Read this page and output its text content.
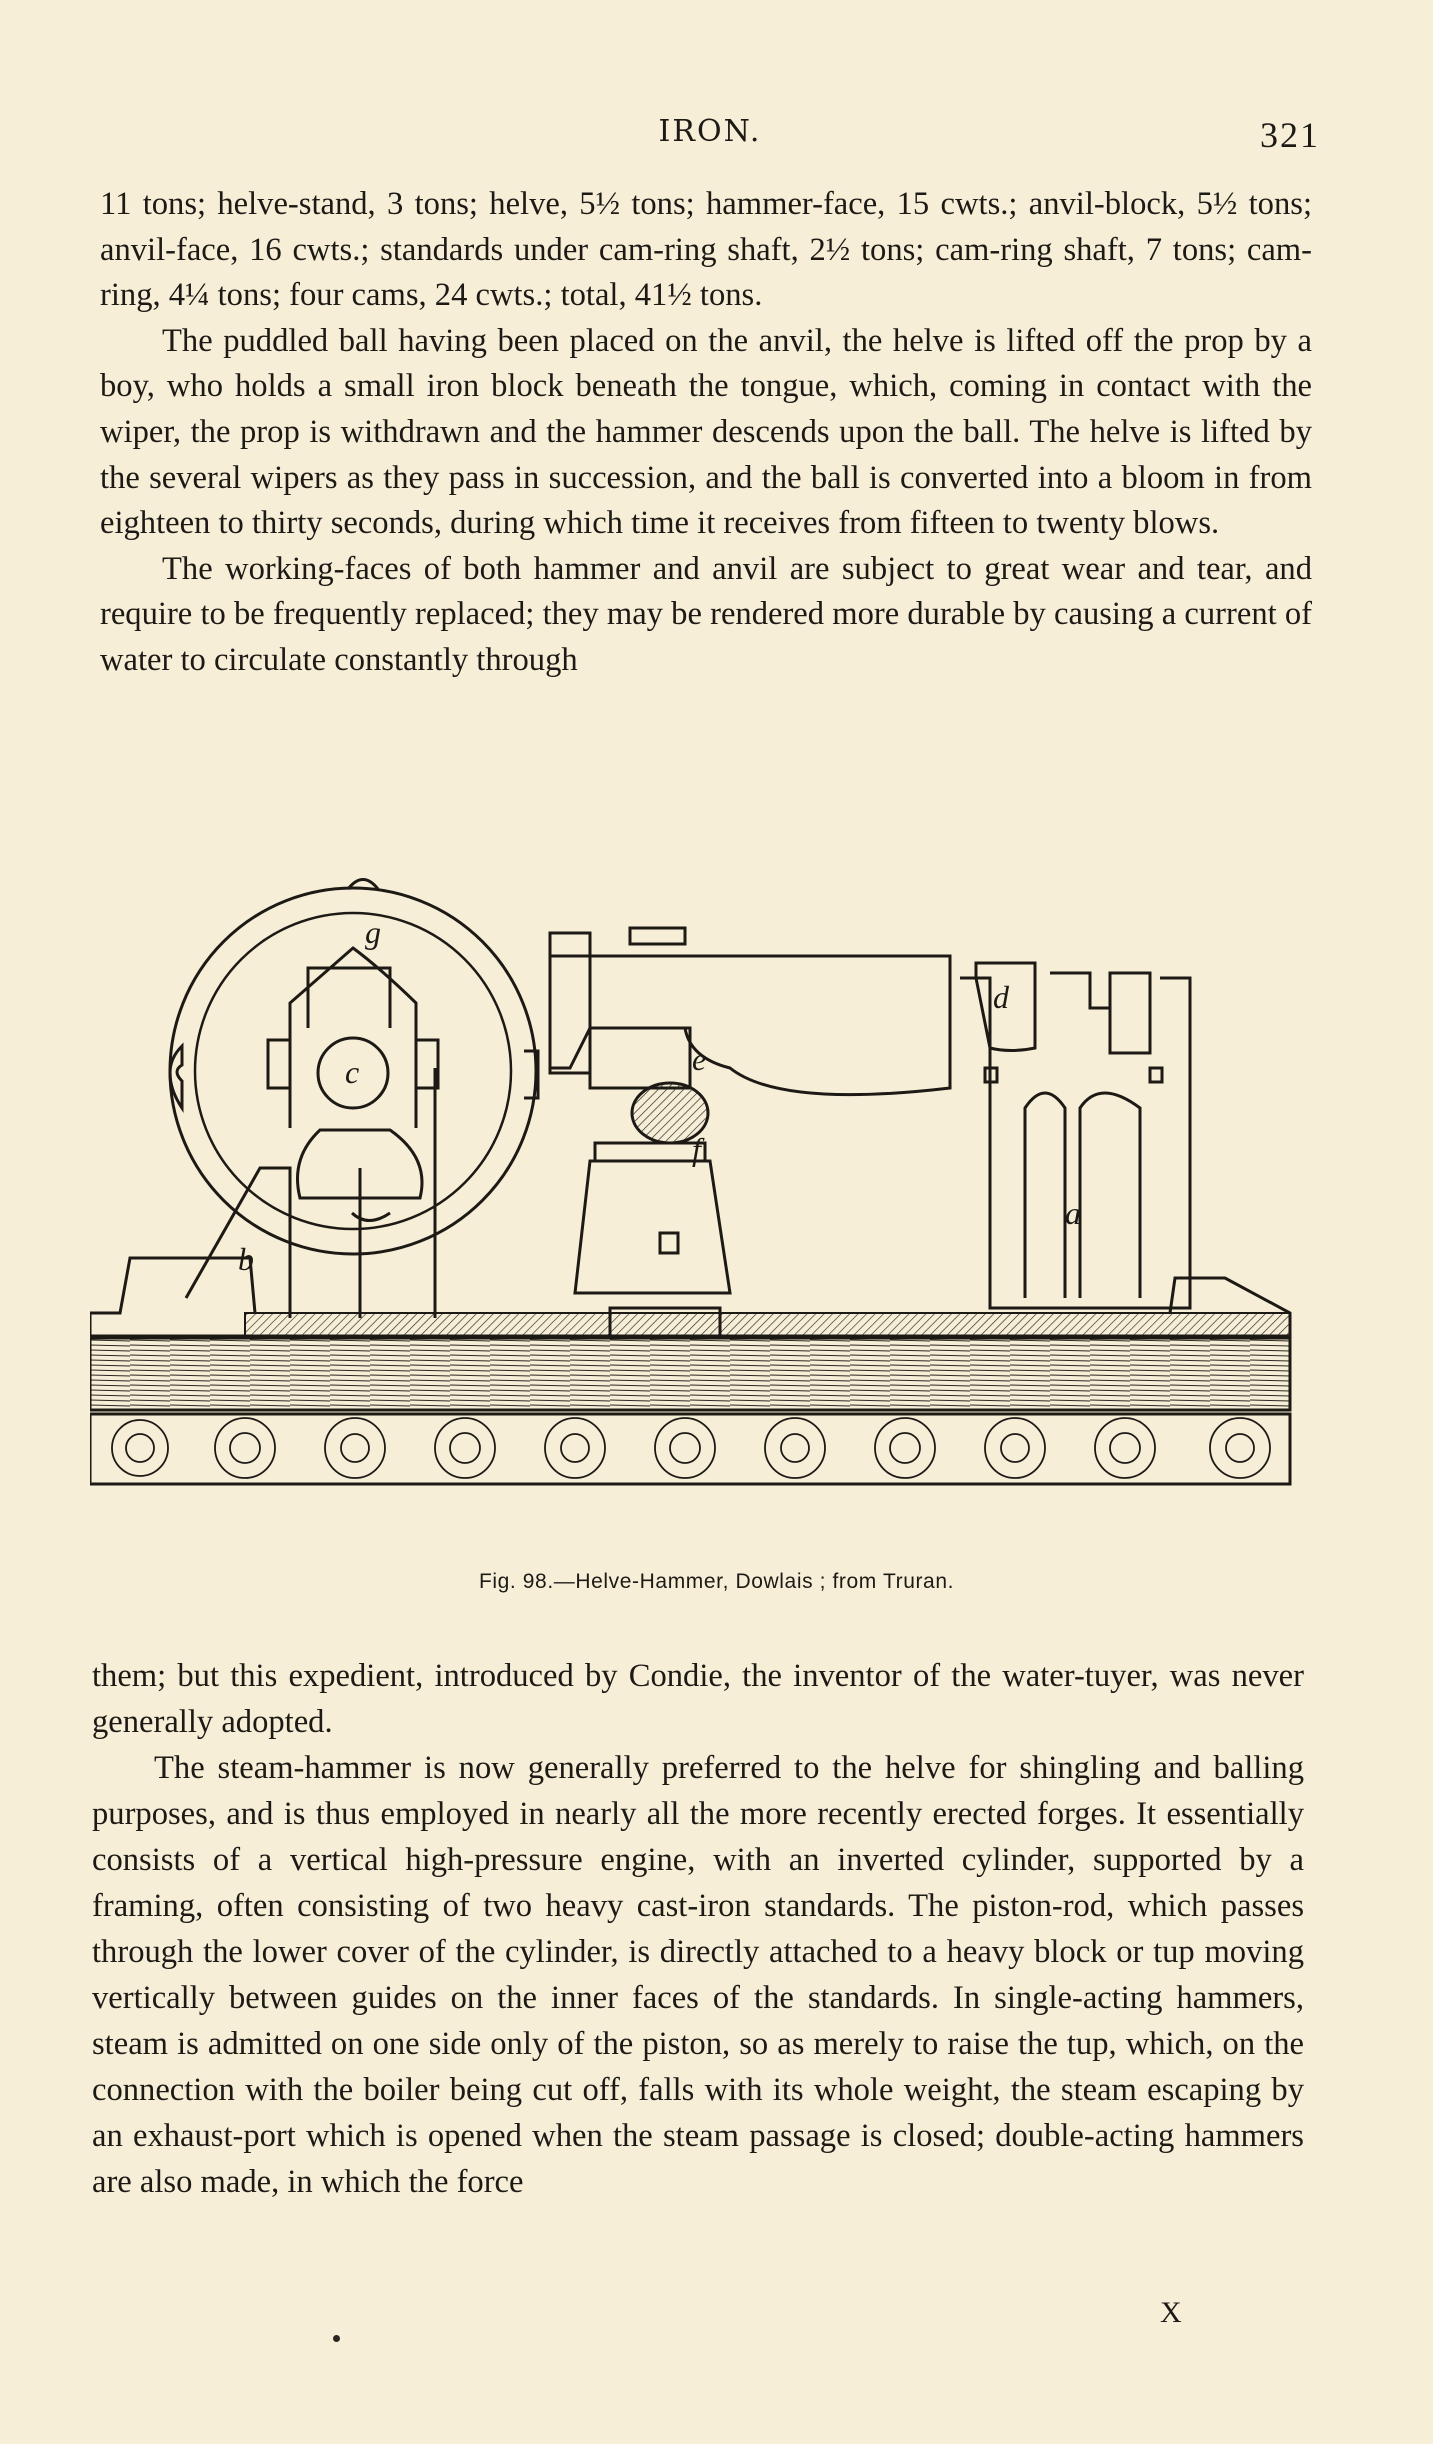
IRON.	321

11 tons; helve-stand, 3 tons; helve, 5½ tons; hammer-face, 15 cwts.; anvil-block, 5½ tons; anvil-face, 16 cwts.; standards under cam-ring shaft, 2½ tons; cam-ring shaft, 7 tons; cam-ring, 4¼ tons; four cams, 24 cwts.; total, 41½ tons.

The puddled ball having been placed on the anvil, the helve is lifted off the prop by a boy, who holds a small iron block beneath the tongue, which, coming in contact with the wiper, the prop is withdrawn and the hammer descends upon the ball. The helve is lifted by the several wipers as they pass in succession, and the ball is converted into a bloom in from eighteen to thirty seconds, during which time it receives from fifteen to twenty blows.

The working-faces of both hammer and anvil are subject to great wear and tear, and require to be frequently replaced; they may be rendered more durable by causing a current of water to circulate constantly through

g
c
b
e
f
d
a
Fig. 98.—Helve-Hammer, Dowlais ; from Truran.

them; but this expedient, introduced by Condie, the inventor of the water-tuyer, was never generally adopted.

The steam-hammer is now generally preferred to the helve for shingling and balling purposes, and is thus employed in nearly all the more recently erected forges. It essentially consists of a vertical high-pressure engine, with an inverted cylinder, supported by a framing, often consisting of two heavy cast-iron standards. The piston-rod, which passes through the lower cover of the cylinder, is directly attached to a heavy block or tup moving vertically between guides on the inner faces of the standards. In single-acting hammers, steam is admitted on one side only of the piston, so as merely to raise the tup, which, on the connection with the boiler being cut off, falls with its whole weight, the steam escaping by an exhaust-port which is opened when the steam passage is closed; double-acting hammers are also made, in which the force

X
